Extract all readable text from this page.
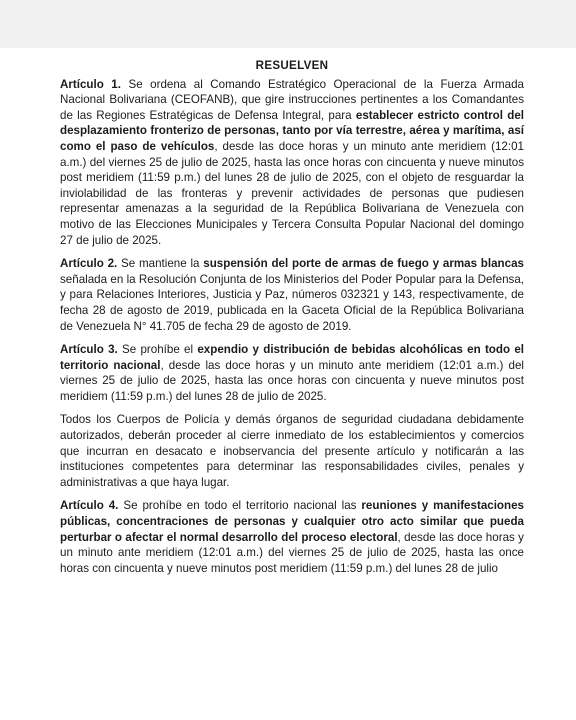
RESUELVEN

Artículo 1. Se ordena al Comando Estratégico Operacional de la Fuerza Armada Nacional Bolivariana (CEOFANB), que gire instrucciones pertinentes a los Comandantes de las Regiones Estratégicas de Defensa Integral, para establecer estricto control del desplazamiento fronterizo de personas, tanto por vía terrestre, aérea y marítima, así como el paso de vehículos, desde las doce horas y un minuto ante meridiem (12:01 a.m.) del viernes 25 de julio de 2025, hasta las once horas con cincuenta y nueve minutos post meridiem (11:59 p.m.) del lunes 28 de julio de 2025, con el objeto de resguardar la inviolabilidad de las fronteras y prevenir actividades de personas que pudiesen representar amenazas a la seguridad de la República Bolivariana de Venezuela con motivo de las Elecciones Municipales y Tercera Consulta Popular Nacional del domingo 27 de julio de 2025.

Artículo 2. Se mantiene la suspensión del porte de armas de fuego y armas blancas señalada en la Resolución Conjunta de los Ministerios del Poder Popular para la Defensa, y para Relaciones Interiores, Justicia y Paz, números 032321 y 143, respectivamente, de fecha 28 de agosto de 2019, publicada en la Gaceta Oficial de la República Bolivariana de Venezuela N° 41.705 de fecha 29 de agosto de 2019.

Artículo 3. Se prohíbe el expendio y distribución de bebidas alcohólicas en todo el territorio nacional, desde las doce horas y un minuto ante meridiem (12:01 a.m.) del viernes 25 de julio de 2025, hasta las once horas con cincuenta y nueve minutos post meridiem (11:59 p.m.) del lunes 28 de julio de 2025.

Todos los Cuerpos de Policía y demás órganos de seguridad ciudadana debidamente autorizados, deberán proceder al cierre inmediato de los establecimientos y comercios que incurran en desacato e inobservancia del presente artículo y notificarán a las instituciones competentes para determinar las responsabilidades civiles, penales y administrativas a que haya lugar.

Artículo 4. Se prohíbe en todo el territorio nacional las reuniones y manifestaciones públicas, concentraciones de personas y cualquier otro acto similar que pueda perturbar o afectar el normal desarrollo del proceso electoral, desde las doce horas y un minuto ante meridiem (12:01 a.m.) del viernes 25 de julio de 2025, hasta las once horas con cincuenta y nueve minutos post meridiem (11:59 p.m.) del lunes 28 de julio
